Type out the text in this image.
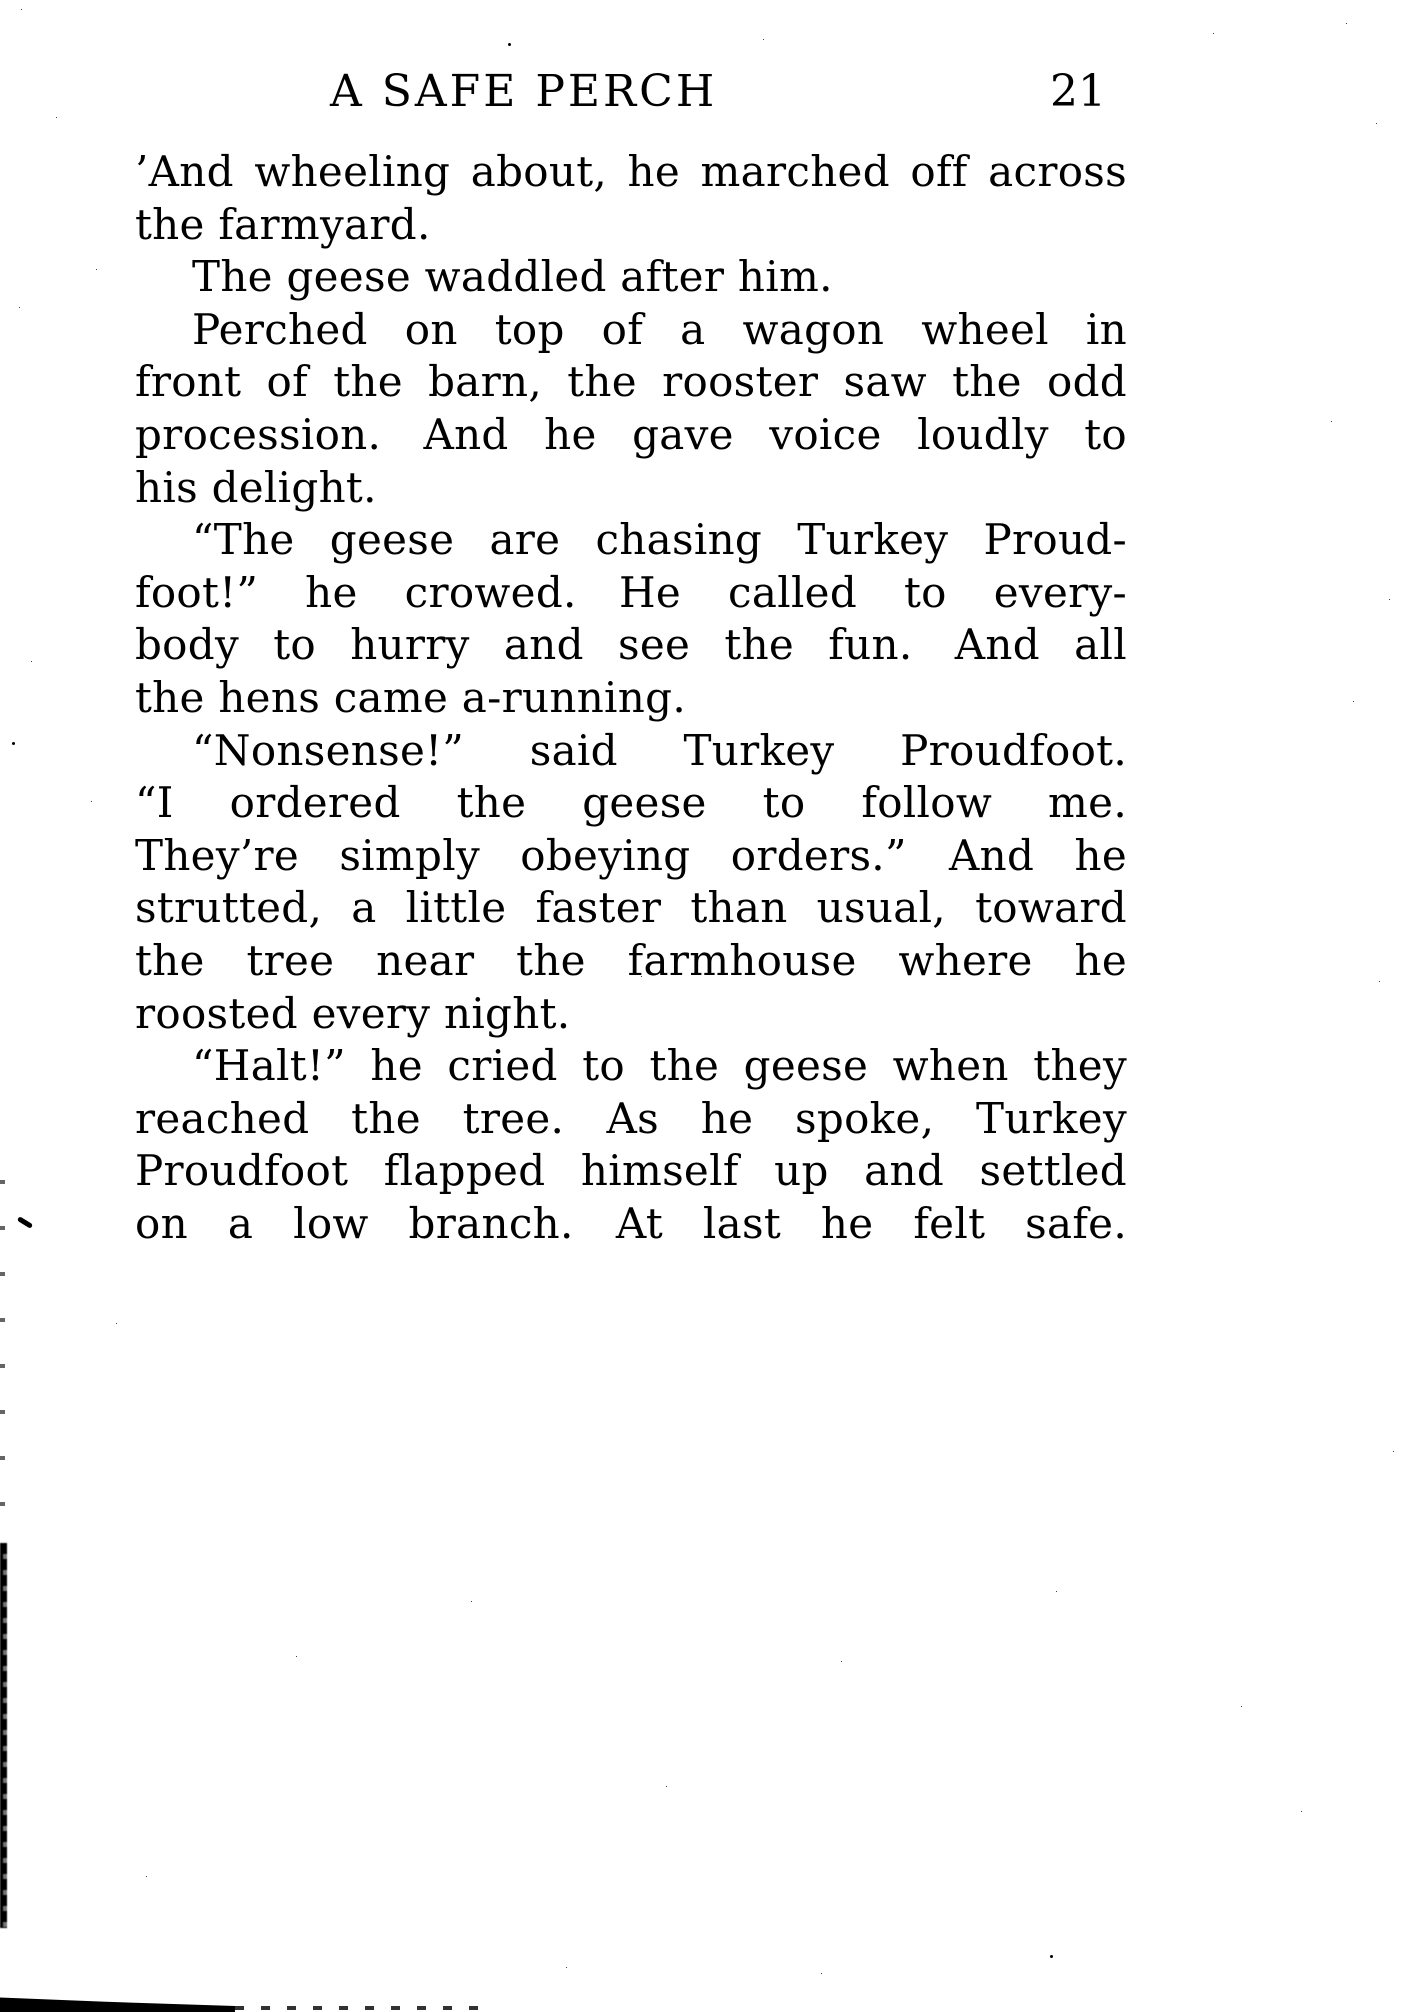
A SAFE PERCH	21
’And wheeling about, he marched off across
the farmyard.
The geese waddled after him.
Perched on top of a wagon wheel in
front of the barn, the rooster saw the odd
procession. And he gave voice loudly to
his delight.
“The geese are chasing Turkey Proud-
foot!” he crowed. He called to every-
body to hurry and see the fun. And all
the hens came a-running.
“Nonsense!” said Turkey Proudfoot.
“I ordered the geese to follow me.
They’re simply obeying orders.” And he
strutted, a little faster than usual, toward
the tree near the farmhouse where he
roosted every night.
“Halt!” he cried to the geese when they
reached the tree. As he spoke, Turkey
Proudfoot flapped himself up and settled
on a low branch. At last he felt safe.
